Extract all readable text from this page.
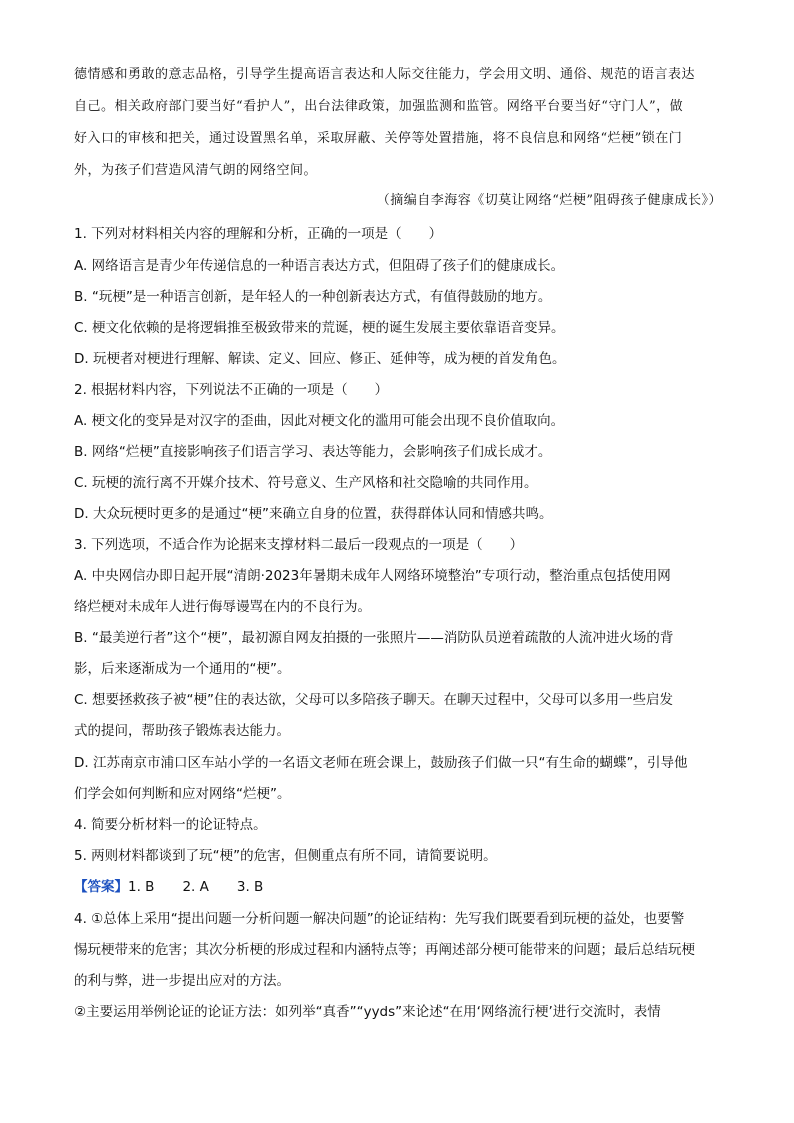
德情感和勇敢的意志品格，引导学生提高语言表达和人际交往能力，学会用文明、通俗、规范的语言表达
自己。相关政府部门要当好“看护人”，出台法律政策，加强监测和监管。网络平台要当好“守门人”，做
好入口的审核和把关，通过设置黑名单，采取屏蔽、关停等处置措施，将不良信息和网络“烂梗”锁在门
外，为孩子们营造风清气朗的网络空间。
（摘编自李海容《切莫让网络“烂梗”阻碍孩子健康成长》）
1. 下列对材料相关内容的理解和分析，正确的一项是（　　）
A. 网络语言是青少年传递信息的一种语言表达方式，但阻碍了孩子们的健康成长。
B. “玩梗”是一种语言创新，是年轻人的一种创新表达方式，有值得鼓励的地方。
C. 梗文化依赖的是将逻辑推至极致带来的荒诞，梗的诞生发展主要依靠语音变异。
D. 玩梗者对梗进行理解、解读、定义、回应、修正、延伸等，成为梗的首发角色。
2. 根据材料内容，下列说法不正确的一项是（　　）
A. 梗文化的变异是对汉字的歪曲，因此对梗文化的滥用可能会出现不良价值取向。
B. 网络“烂梗”直接影响孩子们语言学习、表达等能力，会影响孩子们成长成才。
C. 玩梗的流行离不开媒介技术、符号意义、生产风格和社交隐喻的共同作用。
D. 大众玩梗时更多的是通过“梗”来确立自身的位置，获得群体认同和情感共鸣。
3. 下列选项，不适合作为论据来支撑材料二最后一段观点的一项是（　　）
A. 中央网信办即日起开展“清朗·2023年暑期未成年人网络环境整治”专项行动，整治重点包括使用网
络烂梗对未成年人进行侮辱谩骂在内的不良行为。
B. “最美逆行者”这个“梗”，最初源自网友拍摄的一张照片——消防队员逆着疏散的人流冲进火场的背
影，后来逐渐成为一个通用的“梗”。
C. 想要拯救孩子被“梗”住的表达欲，父母可以多陪孩子聊天。在聊天过程中，父母可以多用一些启发
式的提问，帮助孩子锻炼表达能力。
D. 江苏南京市浦口区车站小学的一名语文老师在班会课上，鼓励孩子们做一只“有生命的蝴蝶”，引导他
们学会如何判断和应对网络“烂梗”。
4. 简要分析材料一的论证特点。
5. 两则材料都谈到了玩“梗”的危害，但侧重点有所不同，请简要说明。
【答案】1. B 2. A 3. B
4. ①总体上采用“提出问题一分析问题一解决问题”的论证结构：先写我们既要看到玩梗的益处，也要警
惕玩梗带来的危害；其次分析梗的形成过程和内涵特点等；再阐述部分梗可能带来的问题；最后总结玩梗
的利与弊，进一步提出应对的方法。
②主要运用举例论证的论证方法：如列举“真香”“yyds”来论述“在用‘网络流行梗’进行交流时，表情
